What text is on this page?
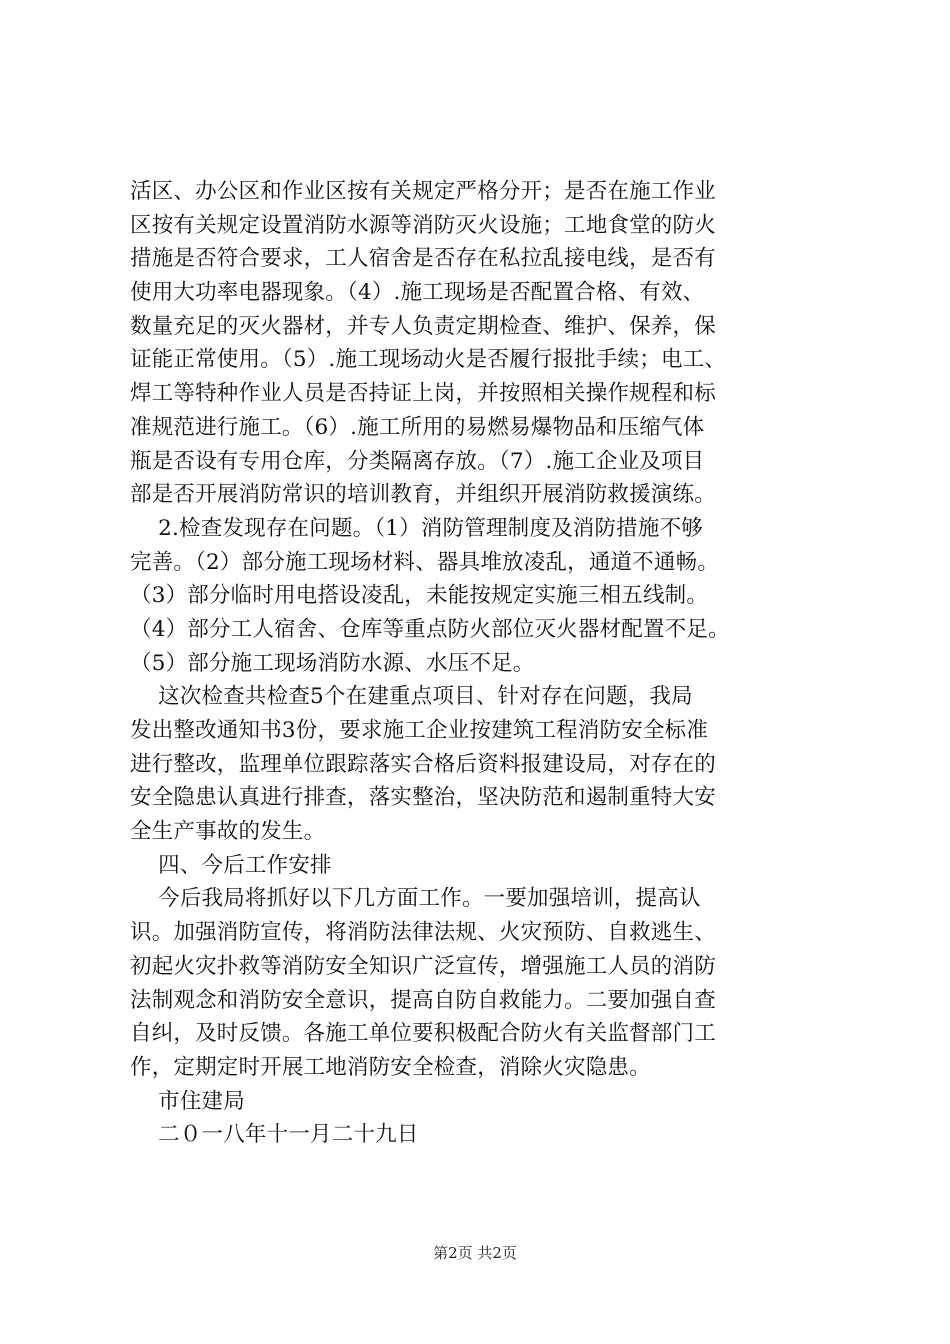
活区、办公区和作业区按有关规定严格分开；是否在施工作业
区按有关规定设置消防水源等消防灭火设施；工地食堂的防火
措施是否符合要求，工人宿舍是否存在私拉乱接电线，是否有
使用大功率电器现象。（4）.施工现场是否配置合格、有效、
数量充足的灭火器材，并专人负责定期检查、维护、保养，保
证能正常使用。（5）.施工现场动火是否履行报批手续；电工、
焊工等特种作业人员是否持证上岗，并按照相关操作规程和标
准规范进行施工。（6）.施工所用的易燃易爆物品和压缩气体
瓶是否设有专用仓库，分类隔离存放。（7）.施工企业及项目
部是否开展消防常识的培训教育，并组织开展消防救援演练。
2.检查发现存在问题。（1）消防管理制度及消防措施不够
完善。（2）部分施工现场材料、器具堆放凌乱，通道不通畅。
（3）部分临时用电搭设凌乱，未能按规定实施三相五线制。
（4）部分工人宿舍、仓库等重点防火部位灭火器材配置不足。
（5）部分施工现场消防水源、水压不足。
这次检查共检查5个在建重点项目、针对存在问题，我局
发出整改通知书3份，要求施工企业按建筑工程消防安全标准
进行整改，监理单位跟踪落实合格后资料报建设局，对存在的
安全隐患认真进行排查，落实整治，坚决防范和遏制重特大安
全生产事故的发生。
四、今后工作安排
今后我局将抓好以下几方面工作。一要加强培训，提高认
识。加强消防宣传，将消防法律法规、火灾预防、自救逃生、
初起火灾扑救等消防安全知识广泛宣传，增强施工人员的消防
法制观念和消防安全意识，提高自防自救能力。二要加强自查
自纠，及时反馈。各施工单位要积极配合防火有关监督部门工
作，定期定时开展工地消防安全检查，消除火灾隐患。
市住建局
二０一八年十一月二十九日
第2页 共2页
